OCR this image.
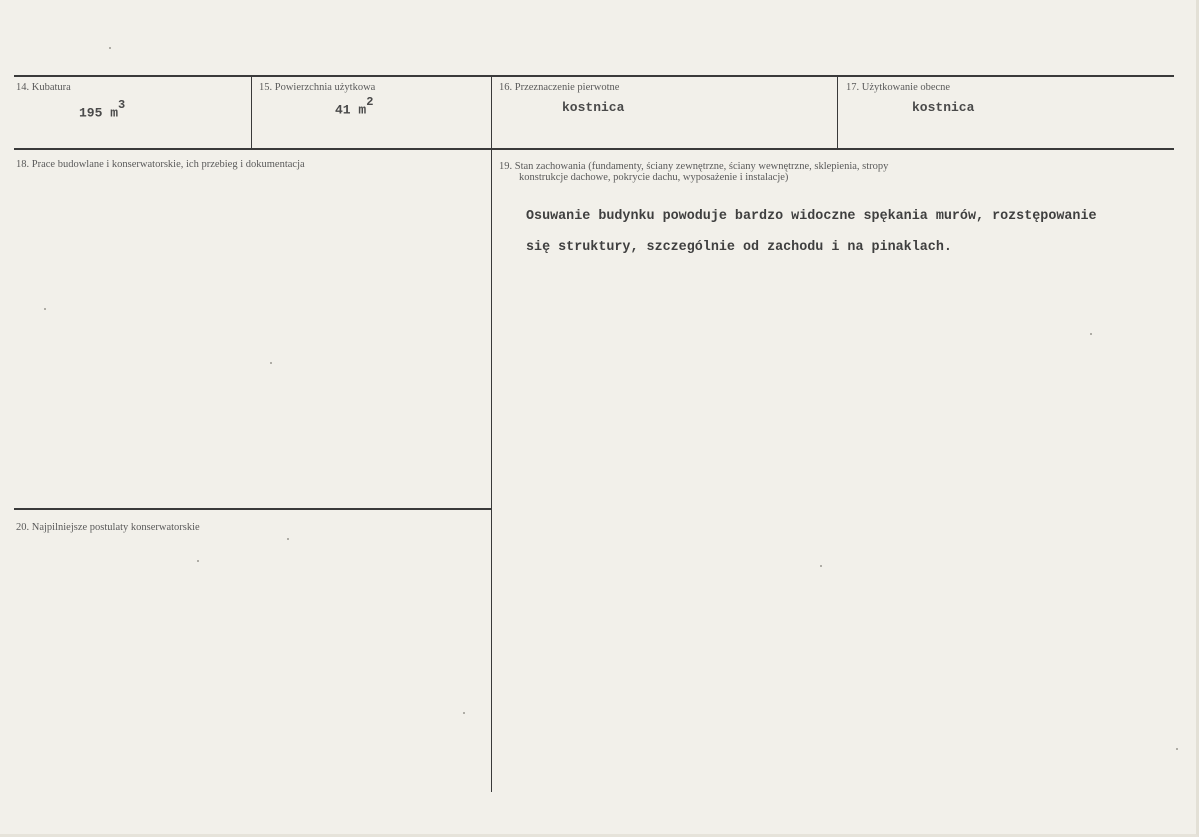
14. Kubatura
195 $m^3$
15. Powierzchnia użytkowa
41 $m^2$
16. Przeznaczenie pierwotne
kostnica
17. Użytkowanie obecne
kostnica
18. Prace budowlane i konserwatorskie, ich przebieg i dokumentacja	19. Stan zachowania (fundamenty, ściany zewnętrzne, ściany wewnętrzne, sklepienia, stropy
konstrukcje dachowe, pokrycie dachu, wyposażenie i instalacje)
Osuwanie budynku powoduje bardzo widoczne spękania murów, rozstępowanie
się struktury, szczególnie od zachodu i na pinaklach.
20. Najpilniejsze postulaty konserwatorskie
